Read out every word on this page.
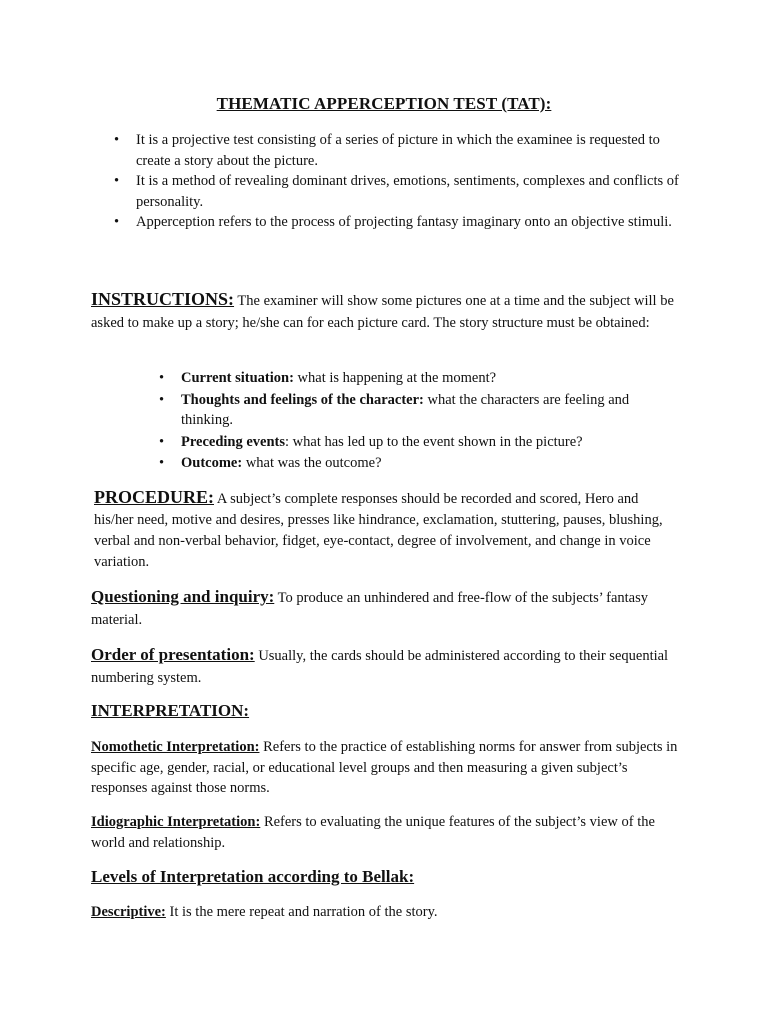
THEMATIC APPERCEPTION TEST (TAT):
• It is a projective test consisting of a series of picture in which the examinee is requested to create a story about the picture.
• It is a method of revealing dominant drives, emotions, sentiments, complexes and conflicts of personality.
• Apperception refers to the process of projecting fantasy imaginary onto an objective stimuli.
INSTRUCTIONS: The examiner will show some pictures one at a time and the subject will be asked to make up a story; he/she can for each picture card. The story structure must be obtained:
• Current situation: what is happening at the moment?
• Thoughts and feelings of the character: what the characters are feeling and thinking.
• Preceding events: what has led up to the event shown in the picture?
• Outcome: what was the outcome?
PROCEDURE: A subject’s complete responses should be recorded and scored, Hero and his/her need, motive and desires, presses like hindrance, exclamation, stuttering, pauses, blushing, verbal and non-verbal behavior, fidget, eye-contact, degree of involvement, and change in voice variation.
Questioning and inquiry: To produce an unhindered and free-flow of the subjects’ fantasy material.
Order of presentation: Usually, the cards should be administered according to their sequential numbering system.
INTERPRETATION:
Nomothetic Interpretation: Refers to the practice of establishing norms for answer from subjects in specific age, gender, racial, or educational level groups and then measuring a given subject’s responses against those norms.
Idiographic Interpretation: Refers to evaluating the unique features of the subject’s view of the world and relationship.
Levels of Interpretation according to Bellak:
Descriptive: It is the mere repeat and narration of the story.
